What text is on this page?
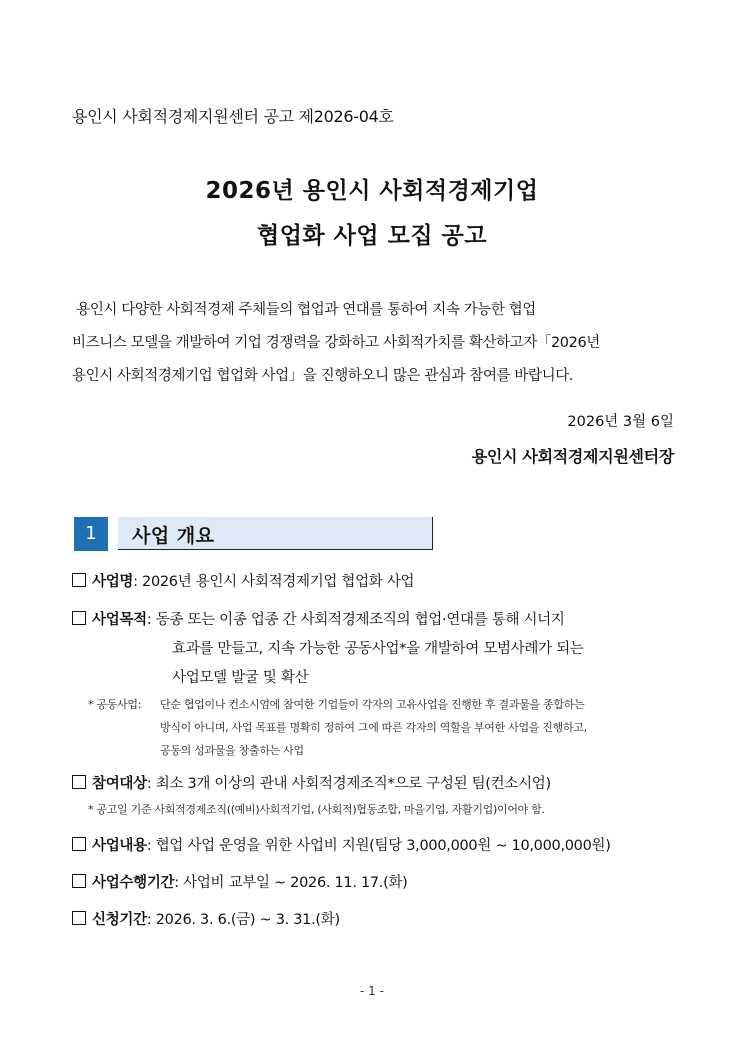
용인시 사회적경제지원센터 공고 제2026-04호
2026년 용인시 사회적경제기업
협업화 사업 모집 공고

용인시 다양한 사회적경제 주체들의 협업과 연대를 통하여 지속 가능한 협업

비즈니스 모델을 개발하여 기업 경쟁력을 강화하고 사회적가치를 확산하고자「2026년

용인시 사회적경제기업 협업화 사업」을 진행하오니 많은 관심과 참여를 바랍니다.

2026년 3월 6일
용인시 사회적경제지원센터장
1	사업 개요
사업명: 2026년 용인시 사회적경제기업 협업화 사업
사업목적: 동종 또는 이종 업종 간 사회적경제조직의 협업·연대를 통해 시너지
효과를 만들고, 지속 가능한 공동사업*을 개발하여 모범사례가 되는
사업모델 발굴 및 확산
* 공동사업: 단순 협업이나 컨소시엄에 참여한 기업들이 각자의 고유사업을 진행한 후 결과물을 종합하는
방식이 아니며, 사업 목표를 명확히 정하여 그에 따른 각자의 역할을 부여한 사업을 진행하고,
공동의 성과물을 창출하는 사업
참여대상: 최소 3개 이상의 관내 사회적경제조직*으로 구성된 팀(컨소시엄)
* 공고일 기준 사회적경제조직((예비)사회적기업, (사회적)협동조합, 마을기업, 자활기업)이어야 함.
사업내용: 협업 사업 운영을 위한 사업비 지원(팀당 3,000,000원 ~ 10,000,000원)
사업수행기간: 사업비 교부일 ~ 2026. 11. 17.(화)
신청기간: 2026. 3. 6.(금) ~ 3. 31.(화)
- 1 -
